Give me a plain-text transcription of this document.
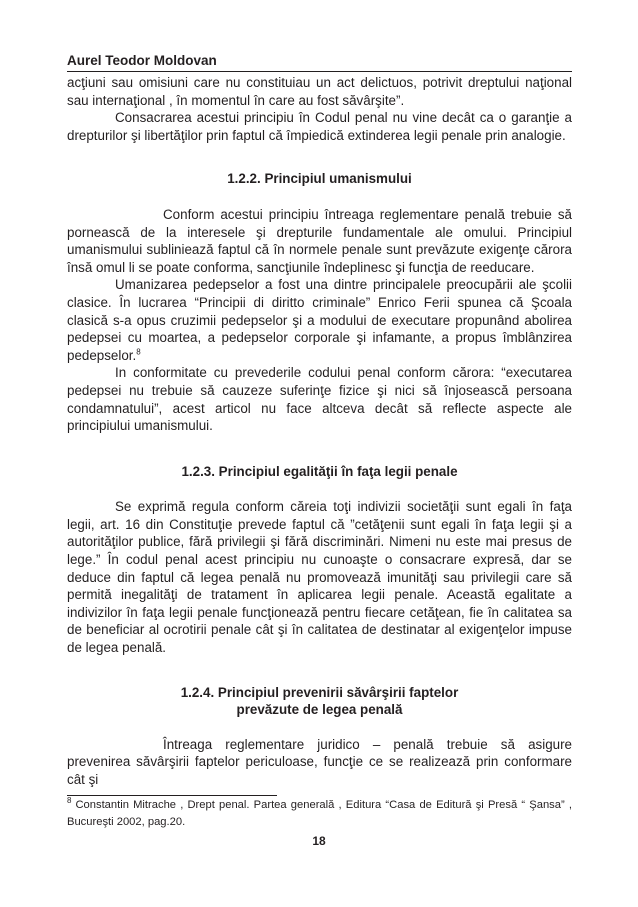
Aurel Teodor Moldovan

acţiuni sau omisiuni care nu constituiau un act delictuos, potrivit dreptului naţional sau internaţional , în momentul în care au fost săvârşite”.

Consacrarea acestui principiu în Codul penal nu vine decât ca o garanţie a drepturilor şi libertăţilor prin faptul că împiedică extinderea legii penale prin analogie.

1.2.2. Principiul umanismului

Conform acestui principiu întreaga reglementare penală trebuie să pornească de la interesele şi drepturile fundamentale ale omului. Principiul umanismului subliniează faptul că în normele penale sunt prevăzute exigenţe cărora însă omul li se poate conforma, sancţiunile îndeplinesc şi funcţia de reeducare.

Umanizarea pedepselor a fost una dintre principalele preocupării ale şcolii clasice. În lucrarea “Principii di diritto criminale” Enrico Ferii spunea că Şcoala clasică s-a opus cruzimii pedepselor şi a modului de executare propunând abolirea pedepsei cu moartea, a pedepselor corporale şi infamante, a propus îmblânzirea pedepselor.$^8$

In conformitate cu prevederile codului penal conform cărora: “executarea pedepsei nu trebuie să cauzeze suferinţe fizice şi nici să înjosească persoana condamnatului”, acest articol nu face altceva decât să reflecte aspecte ale principiului umanismului.

1.2.3. Principiul egalităţii în faţa legii penale

Se exprimă regula conform căreia toţi indivizii societăţii sunt egali în faţa legii, art. 16 din Constituţie prevede faptul că ”cetăţenii sunt egali în faţa legii şi a autorităţilor publice, fără privilegii şi fără discriminări. Nimeni nu este mai presus de lege.” În codul penal acest principiu nu cunoaşte o consacrare expresă, dar se deduce din faptul că legea penală nu promovează imunităţi sau privilegii care să permită inegalităţi de tratament în aplicarea legii penale. Această egalitate a indivizilor în faţa legii penale funcţionează pentru fiecare cetăţean, fie în calitatea sa de beneficiar al ocrotirii penale cât şi în calitatea de destinatar al exigenţelor impuse de legea penală.

1.2.4. Principiul prevenirii săvârşirii faptelor

prevăzute de legea penală

Întreaga reglementare juridico – penală trebuie să asigure prevenirea săvârşirii faptelor periculoase, funcţie ce se realizează prin conformare cât şi

$^8$ Constantin Mitrache , Drept penal. Partea generală , Editura “Casa de Editură şi Presă “ Şansa” , Bucureşti 2002, pag.20.
18
